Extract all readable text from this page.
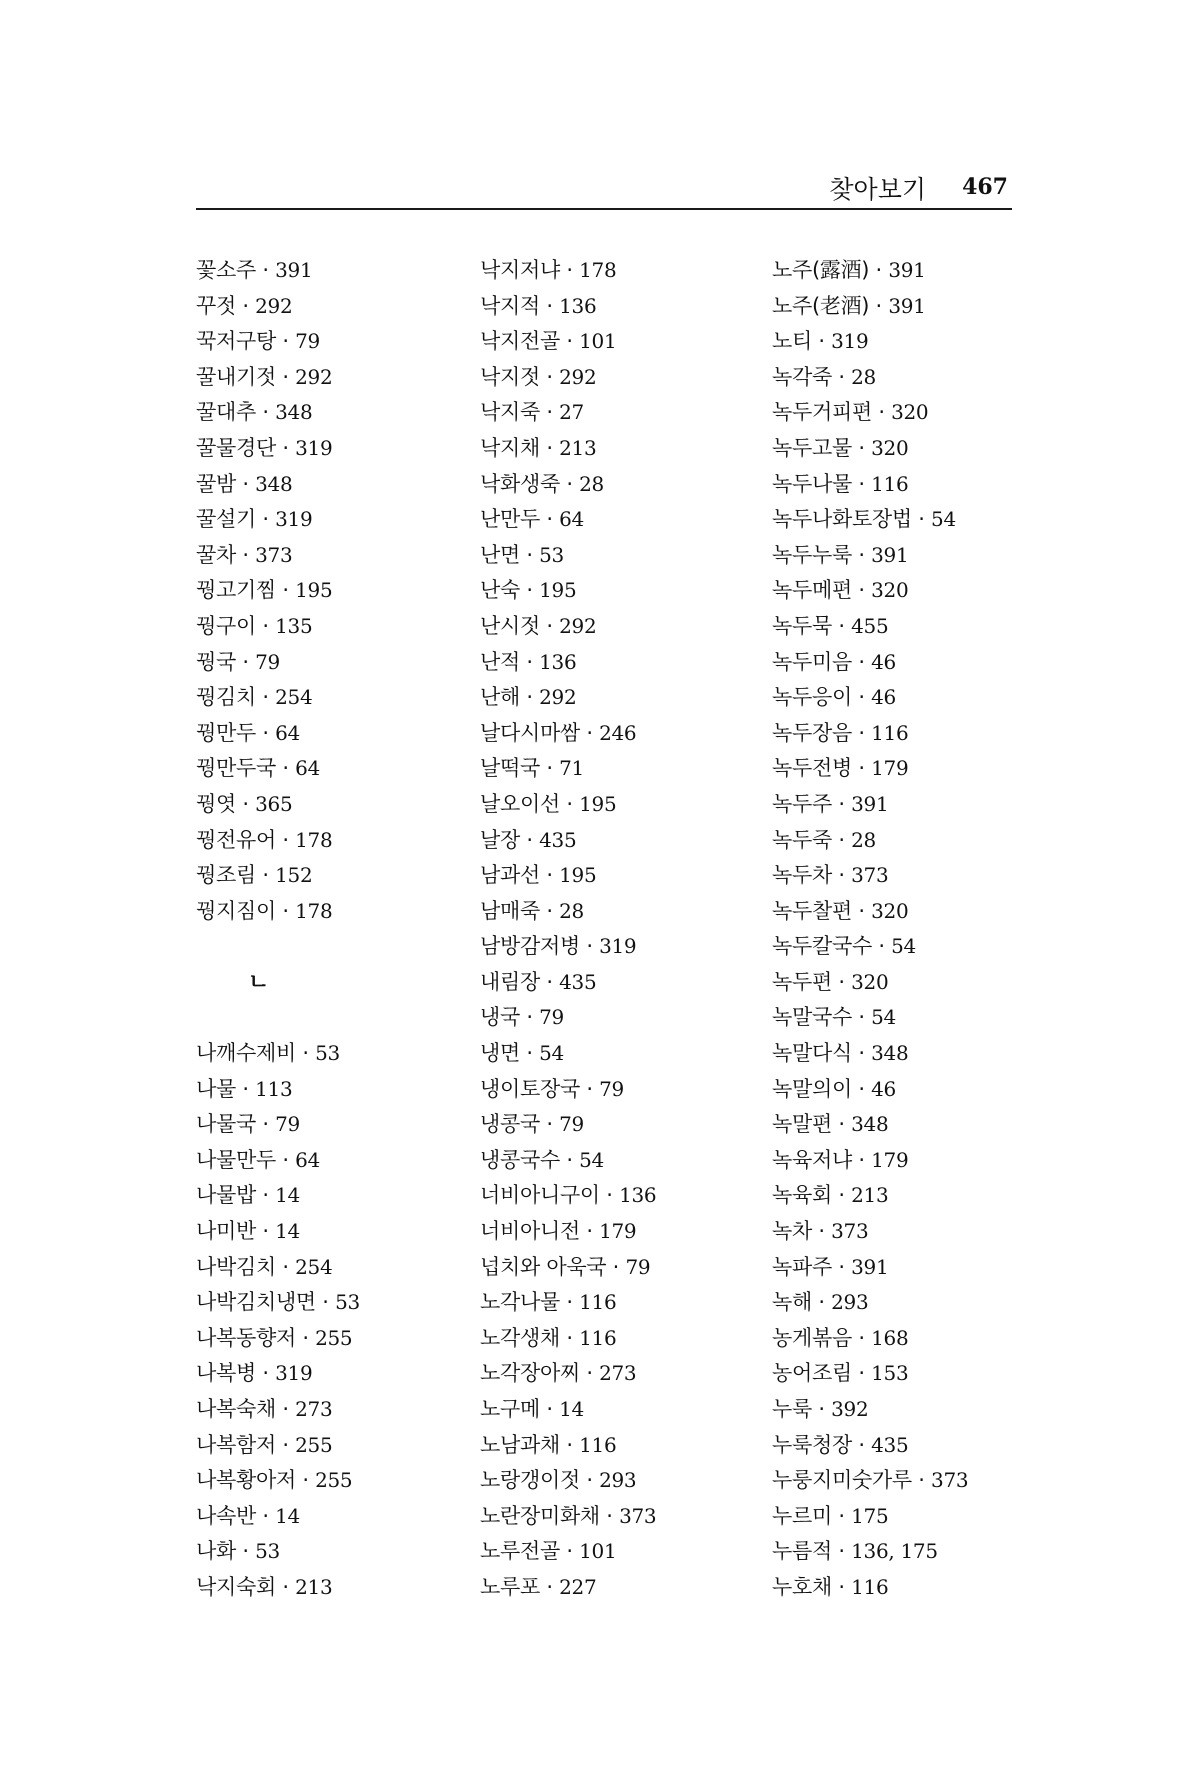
찾아보기 467
꽃소주 · 391
꾸젓 · 292
꾹저구탕 · 79
꿀내기젓 · 292
꿀대추 · 348
꿀물경단 · 319
꿀밤 · 348
꿀설기 · 319
꿀차 · 373
꿩고기찜 · 195
꿩구이 · 135
꿩국 · 79
꿩김치 · 254
꿩만두 · 64
꿩만두국 · 64
꿩엿 · 365
꿩전유어 · 178
꿩조림 · 152
꿩지짐이 · 178
ㄴ
나깨수제비 · 53
나물 · 113
나물국 · 79
나물만두 · 64
나물밥 · 14
나미반 · 14
나박김치 · 254
나박김치냉면 · 53
나복동향저 · 255
나복병 · 319
나복숙채 · 273
나복함저 · 255
나복황아저 · 255
나속반 · 14
나화 · 53
낙지숙회 · 213
낙지저냐 · 178
낙지적 · 136
낙지전골 · 101
낙지젓 · 292
낙지죽 · 27
낙지채 · 213
낙화생죽 · 28
난만두 · 64
난면 · 53
난숙 · 195
난시젓 · 292
난적 · 136
난해 · 292
날다시마쌈 · 246
날떡국 · 71
날오이선 · 195
날장 · 435
남과선 · 195
남매죽 · 28
남방감저병 · 319
내림장 · 435
냉국 · 79
냉면 · 54
냉이토장국 · 79
냉콩국 · 79
냉콩국수 · 54
너비아니구이 · 136
너비아니전 · 179
넙치와 아욱국 · 79
노각나물 · 116
노각생채 · 116
노각장아찌 · 273
노구메 · 14
노남과채 · 116
노랑갱이젓 · 293
노란장미화채 · 373
노루전골 · 101
노루포 · 227
노주(露酒) · 391
노주(老酒) · 391
노티 · 319
녹각죽 · 28
녹두거피편 · 320
녹두고물 · 320
녹두나물 · 116
녹두나화토장법 · 54
녹두누룩 · 391
녹두메편 · 320
녹두묵 · 455
녹두미음 · 46
녹두응이 · 46
녹두장음 · 116
녹두전병 · 179
녹두주 · 391
녹두죽 · 28
녹두차 · 373
녹두찰편 · 320
녹두칼국수 · 54
녹두편 · 320
녹말국수 · 54
녹말다식 · 348
녹말의이 · 46
녹말편 · 348
녹육저냐 · 179
녹육회 · 213
녹차 · 373
녹파주 · 391
녹해 · 293
농게볶음 · 168
농어조림 · 153
누룩 · 392
누룩청장 · 435
누룽지미숫가루 · 373
누르미 · 175
누름적 · 136, 175
누호채 · 116
